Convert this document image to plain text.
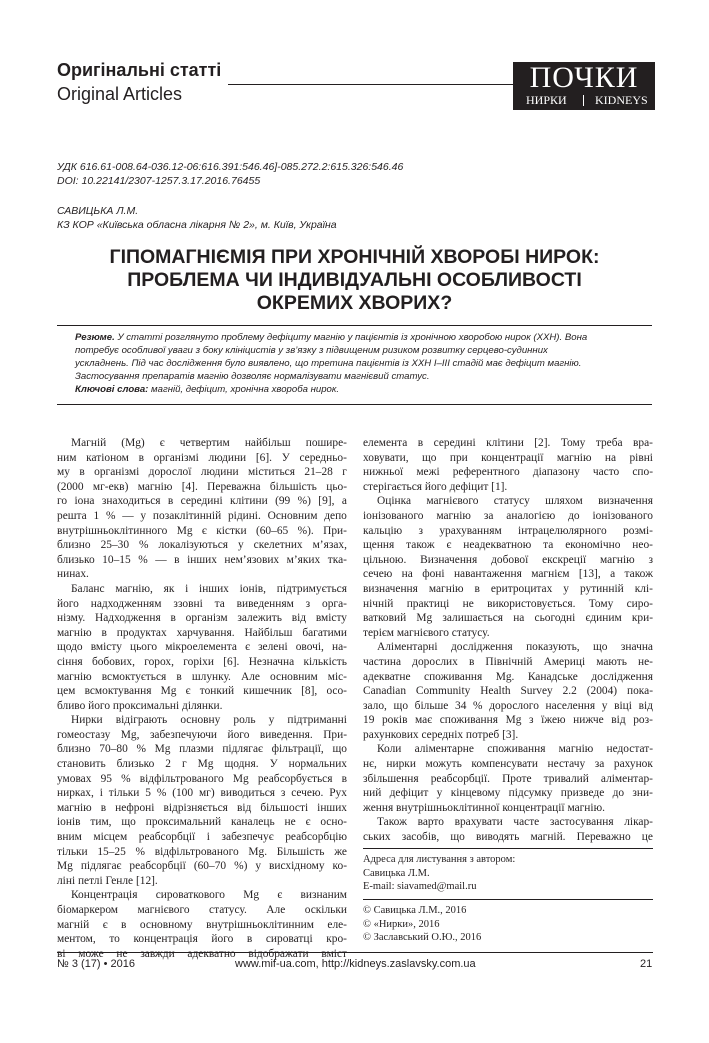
Оригінальні статті
Original Articles	ПОЧКИ
НИРКИ KIDNEYS
УДК 616.61-008.64-036.12-06:616.391:546.46]-085.272.2:615.326:546.46
DOI: 10.22141/2307-1257.3.17.2016.76455
САВИЦЬКА Л.М.
КЗ КОР «Київська обласна лікарня № 2», м. Київ, Україна
ГІПОМАГНІЄМІЯ ПРИ ХРОНІЧНІЙ ХВОРОБІ НИРОК:
ПРОБЛЕМА ЧИ ІНДИВІДУАЛЬНІ ОСОБЛИВОСТІ
ОКРЕМИХ ХВОРИХ?
Резюме. У статті розглянуто проблему дефіциту магнію у пацієнтів із хронічною хворобою нирок (ХХН). Вона
потребує особливої уваги з боку клініцистів у зв’язку з підвищеним ризиком розвитку серцево-судинних
ускладнень. Під час дослідження було виявлено, що третина пацієнтів із ХХН I–III стадій має дефіцит магнію.
Застосування препаратів магнію дозволяє нормалізувати магнієвий статус.
Ключові слова: магній, дефіцит, хронічна хвороба нирок.
Магній (Mg) є четвертим найбільш пошире-
ним катіоном в організмі людини [6]. У середньо-
му в організмі дорослої людини міститься 21–28 г
(2000 мг-екв) магнію [4]. Переважна більшість цьо-
го іона знаходиться в середині клітини (99 %) [9], а
решта 1 % — у позаклітинній рідині. Основним депо
внутрішньоклітинного Mg є кістки (60–65 %). При-
близно 25–30 % локалізуються у скелетних м’язах,
близько 10–15 % — в інших нем’язових м’яких тка-
нинах.
Баланс магнію, як і інших іонів, підтримується
його надходженням ззовні та виведенням з орга-
нізму. Надходження в організм залежить від вмісту
магнію в продуктах харчування. Найбільш багатими
щодо вмісту цього мікроелемента є зелені овочі, на-
сіння бобових, горох, горіхи [6]. Незначна кількість
магнію всмоктується в шлунку. Але основним міс-
цем всмоктування Mg є тонкий кишечник [8], осо-
бливо його проксимальні ділянки.
Нирки відіграють основну роль у підтриманні
гомеостазу Mg, забезпечуючи його виведення. При-
близно 70–80 % Mg плазми підлягає фільтрації, що
становить близько 2 г Mg щодня. У нормальних
умовах 95 % відфільтрованого Mg реабсорбується в
нирках, і тільки 5 % (100 мг) виводиться з сечею. Рух
магнію в нефроні відрізняється від більшості інших
іонів тим, що проксимальний каналець не є осно-
вним місцем реабсорбції і забезпечує реабсорбцію
тільки 15–25 % відфільтрованого Mg. Більшість же
Mg підлягає реабсорбції (60–70 %) у висхідному ко-
ліні петлі Генле [12].
Концентрація сироваткового Mg є визнаним
біомаркером магнієвого статусу. Але оскільки
магній є в основному внутрішньоклітинним еле-
ментом, то концентрація його в сироватці кро-
ві може не завжди адекватно відображати вміст
елемента в середині клітини [2]. Тому треба вра-
ховувати, що при концентрації магнію на рівні
нижньої межі референтного діапазону часто спо-
стерігається його дефіцит [1].
Оцінка магнієвого статусу шляхом визначення
іонізованого магнію за аналогією до іонізованого
кальцію з урахуванням інтрацелюлярного розмі-
щення також є неадекватною та економічно нео-
цільною. Визначення добової екскреції магнію з
сечею на фоні навантаження магнієм [13], а також
визначення магнію в еритроцитах у рутинній клі-
нічній практиці не використовується. Тому сиро-
ватковий Mg залишається на сьогодні єдиним кри-
терієм магнієвого статусу.
Аліментарні дослідження показують, що значна
частина дорослих в Північній Америці мають не-
адекватне споживання Mg. Канадське дослідження
Canadian Community Health Survey 2.2 (2004) пока-
зало, що більше 34 % дорослого населення у віці від
19 років має споживання Mg з їжею нижче від роз-
рахункових середніх потреб [3].
Коли аліментарне споживання магнію недостат-
нє, нирки можуть компенсувати нестачу за рахунок
збільшення реабсорбції. Проте тривалий аліментар-
ний дефіцит у кінцевому підсумку призведе до зни-
ження внутрішньоклітинної концентрації магнію.
Також варто врахувати часте застосування лікар-
ських засобів, що виводять магній. Переважно це
Адреса для листування з автором:
Савицька Л.М.
E-mail: siavamed@mail.ru
© Савицька Л.М., 2016
© «Нирки», 2016
© Заславський О.Ю., 2016
№ 3 (17) • 2016	www.mif-ua.com, http://kidneys.zaslavsky.com.ua	21
